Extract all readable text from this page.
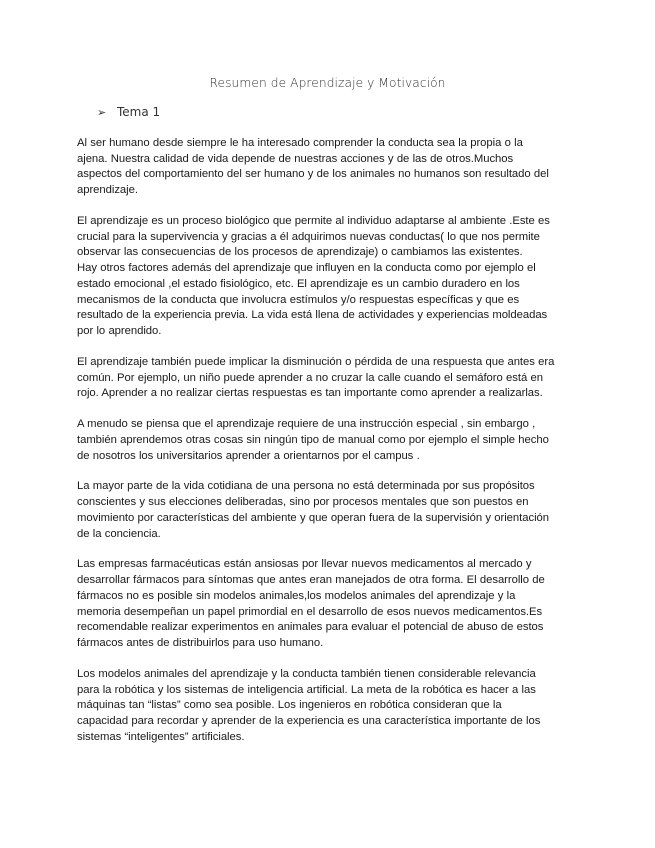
Resumen de Aprendizaje y Motivación
➢ Tema 1

Al ser humano desde siempre le ha interesado comprender la conducta sea la propia o la
ajena. Nuestra calidad de vida depende de nuestras acciones y de las de otros.Muchos
aspectos del comportamiento del ser humano y de los animales no humanos son resultado del
aprendizaje.

El aprendizaje es un proceso biológico que permite al individuo adaptarse al ambiente .Este es
crucial para la supervivencia y gracias a él adquirimos nuevas conductas( lo que nos permite
observar las consecuencias de los procesos de aprendizaje) o cambiamos las existentes.
Hay otros factores además del aprendizaje que influyen en la conducta como por ejemplo el
estado emocional ,el estado fisiológico, etc. El aprendizaje es un cambio duradero en los
mecanismos de la conducta que involucra estímulos y/o respuestas específicas y que es
resultado de la experiencia previa. La vida está llena de actividades y experiencias moldeadas
por lo aprendido.

El aprendizaje también puede implicar la disminución o pérdida de una respuesta que antes era
común. Por ejemplo, un niño puede aprender a no cruzar la calle cuando el semáforo está en
rojo. Aprender a no realizar ciertas respuestas es tan importante como aprender a realizarlas.

A menudo se piensa que el aprendizaje requiere de una instrucción especial , sin embargo ,
también aprendemos otras cosas sin ningún tipo de manual como por ejemplo el simple hecho
de nosotros los universitarios aprender a orientarnos por el campus .

La mayor parte de la vida cotidiana de una persona no está determinada por sus propósitos
conscientes y sus elecciones deliberadas, sino por procesos mentales que son puestos en
movimiento por características del ambiente y que operan fuera de la supervisión y orientación
de la conciencia.

Las empresas farmacéuticas están ansiosas por llevar nuevos medicamentos al mercado y
desarrollar fármacos para síntomas que antes eran manejados de otra forma. El desarrollo de
fármacos no es posible sin modelos animales,los modelos animales del aprendizaje y la
memoria desempeñan un papel primordial en el desarrollo de esos nuevos medicamentos.Es
recomendable realizar experimentos en animales para evaluar el potencial de abuso de estos
fármacos antes de distribuirlos para uso humano.

Los modelos animales del aprendizaje y la conducta también tienen considerable relevancia
para la robótica y los sistemas de inteligencia artificial. La meta de la robótica es hacer a las
máquinas tan “listas” como sea posible. Los ingenieros en robótica consideran que la
capacidad para recordar y aprender de la experiencia es una característica importante de los
sistemas “inteligentes” artificiales.
